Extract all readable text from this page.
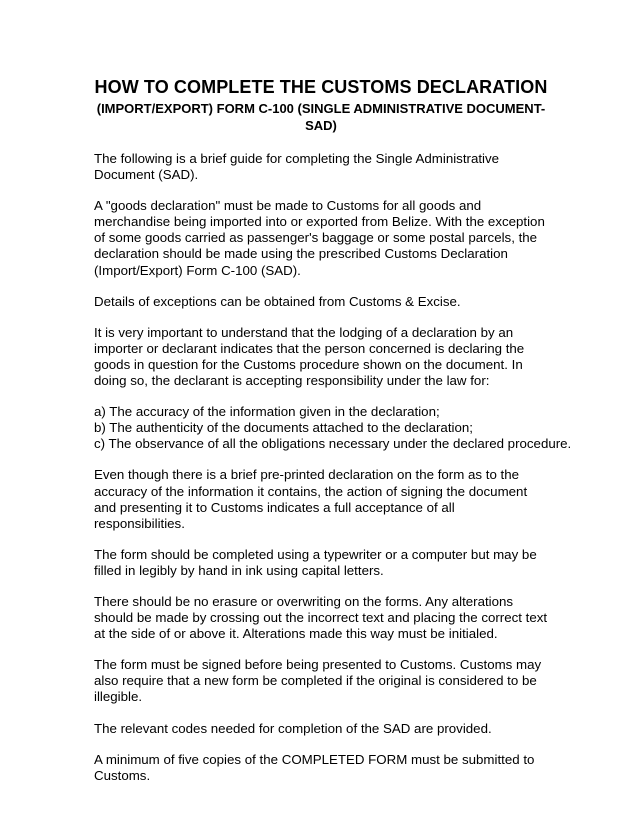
HOW TO COMPLETE THE CUSTOMS DECLARATION
(IMPORT/EXPORT) FORM C-100 (SINGLE ADMINISTRATIVE DOCUMENT-SAD)

The following is a brief guide for completing the Single Administrative Document (SAD).

A "goods declaration" must be made to Customs for all goods and merchandise being imported into or exported from Belize. With the exception of some goods carried as passenger's baggage or some postal parcels, the declaration should be made using the prescribed Customs Declaration (Import/Export) Form C-100 (SAD).

Details of exceptions can be obtained from Customs & Excise.

It is very important to understand that the lodging of a declaration by an importer or declarant indicates that the person concerned is declaring the goods in question for the Customs procedure shown on the document. In doing so, the declarant is accepting responsibility under the law for:

a) The accuracy of the information given in the declaration;
b) The authenticity of the documents attached to the declaration;
c) The observance of all the obligations necessary under the declared procedure.

Even though there is a brief pre-printed declaration on the form as to the accuracy of the information it contains, the action of signing the document and presenting it to Customs indicates a full acceptance of all responsibilities.

The form should be completed using a typewriter or a computer but may be filled in legibly by hand in ink using capital letters.

There should be no erasure or overwriting on the forms. Any alterations should be made by crossing out the incorrect text and placing the correct text at the side of or above it. Alterations made this way must be initialed.

The form must be signed before being presented to Customs. Customs may also require that a new form be completed if the original is considered to be illegible.

The relevant codes needed for completion of the SAD are provided.

A minimum of five copies of the COMPLETED FORM must be submitted to Customs.
